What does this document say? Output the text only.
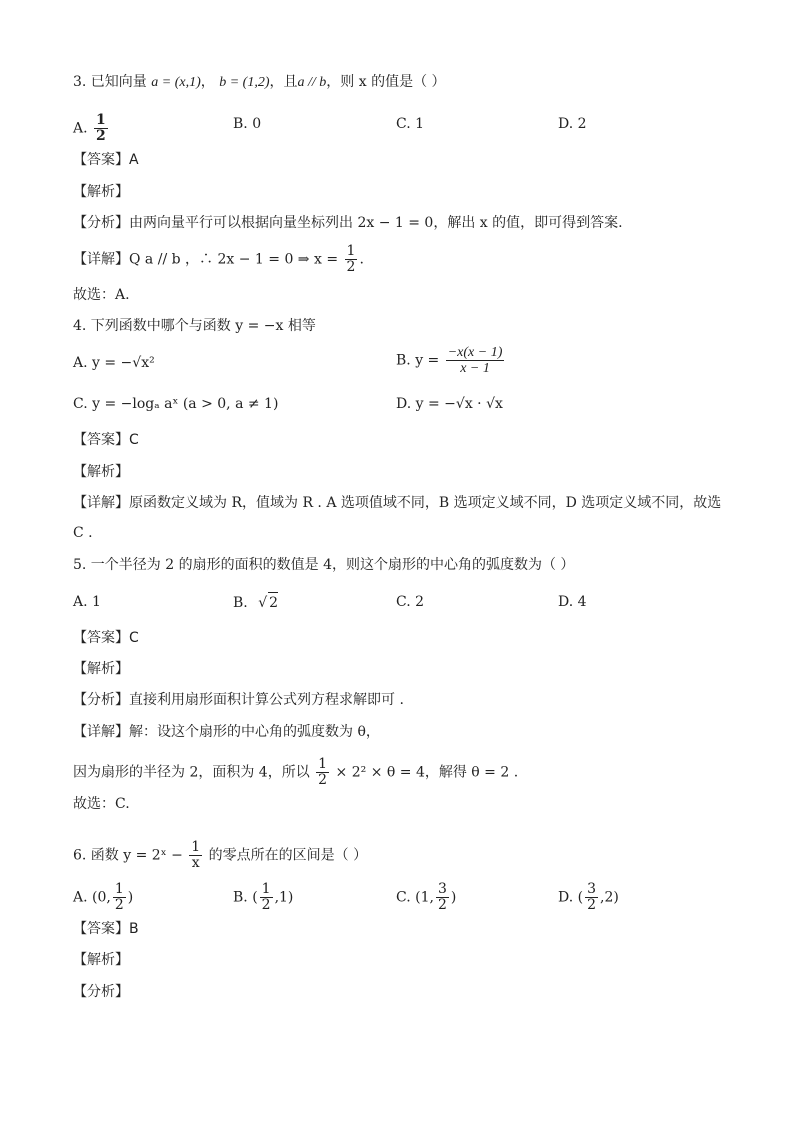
3. 已知向量 a = (x,1)， b = (1,2)，且a // b，则 x 的值是（ ）
A. $\frac{1}{2}$	B. 0	C. 1	D. 2
【答案】A
【解析】
【分析】由两向量平行可以根据向量坐标列出 2x − 1 = 0，解出 x 的值，即可得到答案.
【详解】Q a // b ，∴ 2x − 1 = 0 ⇒ $x = \frac{1}{2}$ .
故选：A.
4. 下列函数中哪个与函数 y = −x 相等
A. y = −√x²	B. $y = \frac{-x(x - 1)}{x - 1}$
C. y = −logₐ aˣ (a > 0, a ≠ 1)	D. y = −√x · √x
【答案】C
【解析】
【详解】原函数定义域为 R，值域为 R . A 选项值域不同，B 选项定义域不同，D 选项定义域不同，故选
C .
5. 一个半径为 2 的扇形的面积的数值是 4，则这个扇形的中心角的弧度数为（ ）
A. 1	B. √ 2	C. 2	D. 4
【答案】C
【解析】
【分析】直接利用扇形面积计算公式列方程求解即可 .
【详解】解：设这个扇形的中心角的弧度数为 θ，
因为扇形的半径为 2，面积为 4，所以 $\frac{1}{2} \times 2^2 \times \theta = 4$，解得 θ = 2 .
故选：C.
6. 函数 y = 2ˣ − $\frac{1}{x}$ 的零点所在的区间是（ ）
A. (0, $\frac{1}{2}$ )	B. ( $\frac{1}{2} ,1$)	C. (1, $\frac{3}{2}$ )	D. ( $\frac{3}{2} ,2$)
【答案】B
【解析】
【分析】
